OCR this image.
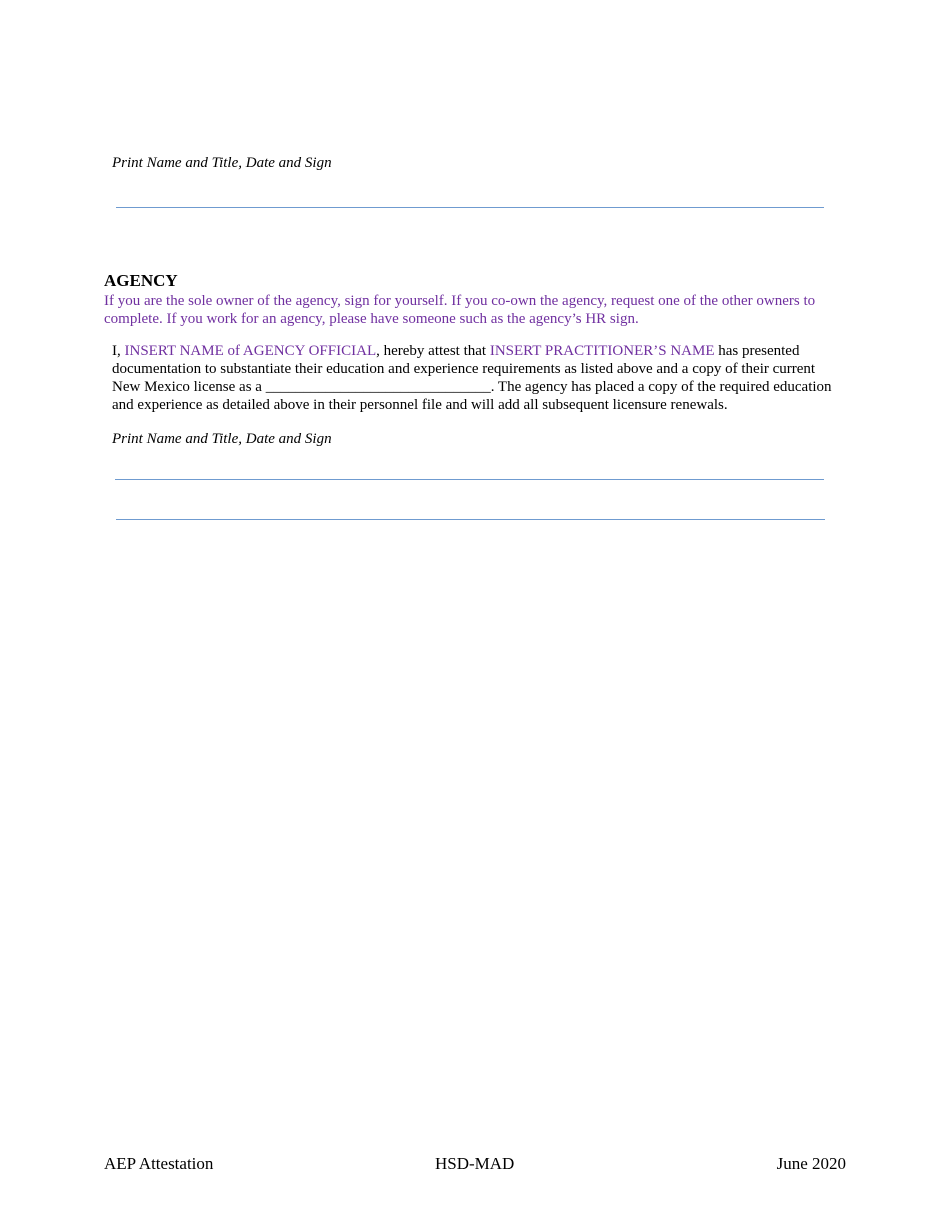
Print Name and Title, Date and Sign
AGENCY
If you are the sole owner of the agency, sign for yourself. If you co-own the agency, request one of the other owners to complete. If you work for an agency, please have someone such as the agency’s HR sign.
I, INSERT NAME of AGENCY OFFICIAL, hereby attest that INSERT PRACTITIONER’S NAME has presented documentation to substantiate their education and experience requirements as listed above and a copy of their current New Mexico license as a ______________________________. The agency has placed a copy of the required education and experience as detailed above in their personnel file and will add all subsequent licensure renewals.
Print Name and Title, Date and Sign
AEP Attestation	HSD-MAD	June 2020
